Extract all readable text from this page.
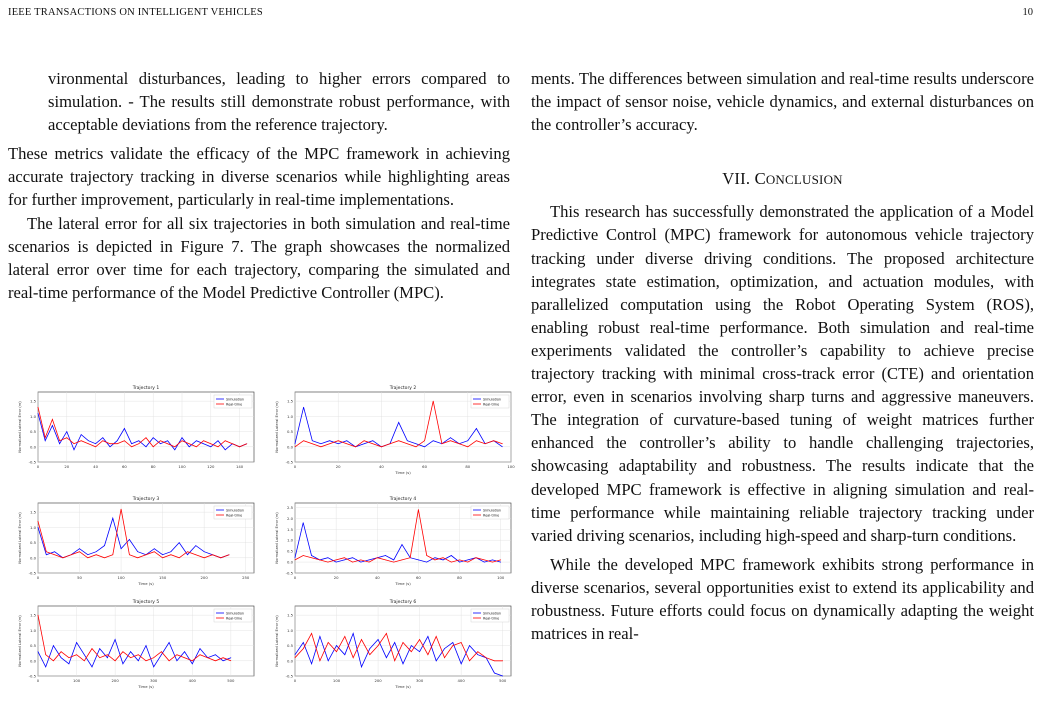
IEEE TRANSACTIONS ON INTELLIGENT VEHICLES	10

vironmental disturbances, leading to higher errors compared to simulation. - The results still demonstrate robust performance, with acceptable deviations from the reference trajectory.

These metrics validate the efficacy of the MPC framework in achieving accurate trajectory tracking in diverse scenarios while highlighting areas for further improvement, particularly in real-time implementations.

The lateral error for all six trajectories in both simulation and real-time scenarios is depicted in Figure 7. The graph showcases the normalized lateral error over time for each trajectory, comparing the simulated and real-time performance of the Model Predictive Controller (MPC).

Trajectory 1
-0.5
0.0
0.5
1.0
1.5
0	20	40	60	80	100	120	140
Normalized Lateral Error (m)
Simulation
Real-time
Trajectory 2
-0.5
0.0
0.5
1.0
1.5
0	20	40	60	80	100
Time (s)
Normalized Lateral Error (m)
Simulation
Real-time
Trajectory 3
-0.5
0.0
0.5
1.0
1.5
0	50	100	150	200	250
Time (s)
Normalized Lateral Error (m)
Simulation
Real-time
Trajectory 4
-0.5
0.0
0.5
1.0
1.5
2.0
2.5
0	20	40	60	80	100
Time (s)
Normalized Lateral Error (m)
Simulation
Real-time
Trajectory 5
-0.5
0.0
0.5
1.0
1.5
0	100	200	300	400	500
Time (s)
Normalized Lateral Error (m)
Simulation
Real-time
Trajectory 6
-0.5
0.0
0.5
1.0
1.5
0	100	200	300	400	500
Time (s)
Normalized Lateral Error (m)
Simulation
Real-time

ments. The differences between simulation and real-time results underscore the impact of sensor noise, vehicle dynamics, and external disturbances on the controller’s accuracy.

VII. CONCLUSION

This research has successfully demonstrated the application of a Model Predictive Control (MPC) framework for autonomous vehicle trajectory tracking under diverse driving conditions. The proposed architecture integrates state estimation, optimization, and actuation modules, with parallelized computation using the Robot Operating System (ROS), enabling robust real-time performance. Both simulation and real-time experiments validated the controller’s capability to achieve precise trajectory tracking with minimal cross-track error (CTE) and orientation error, even in scenarios involving sharp turns and aggressive maneuvers. The integration of curvature-based tuning of weight matrices further enhanced the controller’s ability to handle challenging trajectories, showcasing adaptability and robustness. The results indicate that the developed MPC framework is effective in aligning simulation and real-time performance while maintaining reliable trajectory tracking under varied driving scenarios, including high-speed and sharp-turn conditions.

While the developed MPC framework exhibits strong performance in diverse scenarios, several opportunities exist to extend its applicability and robustness. Future efforts could focus on dynamically adapting the weight matrices in real-
